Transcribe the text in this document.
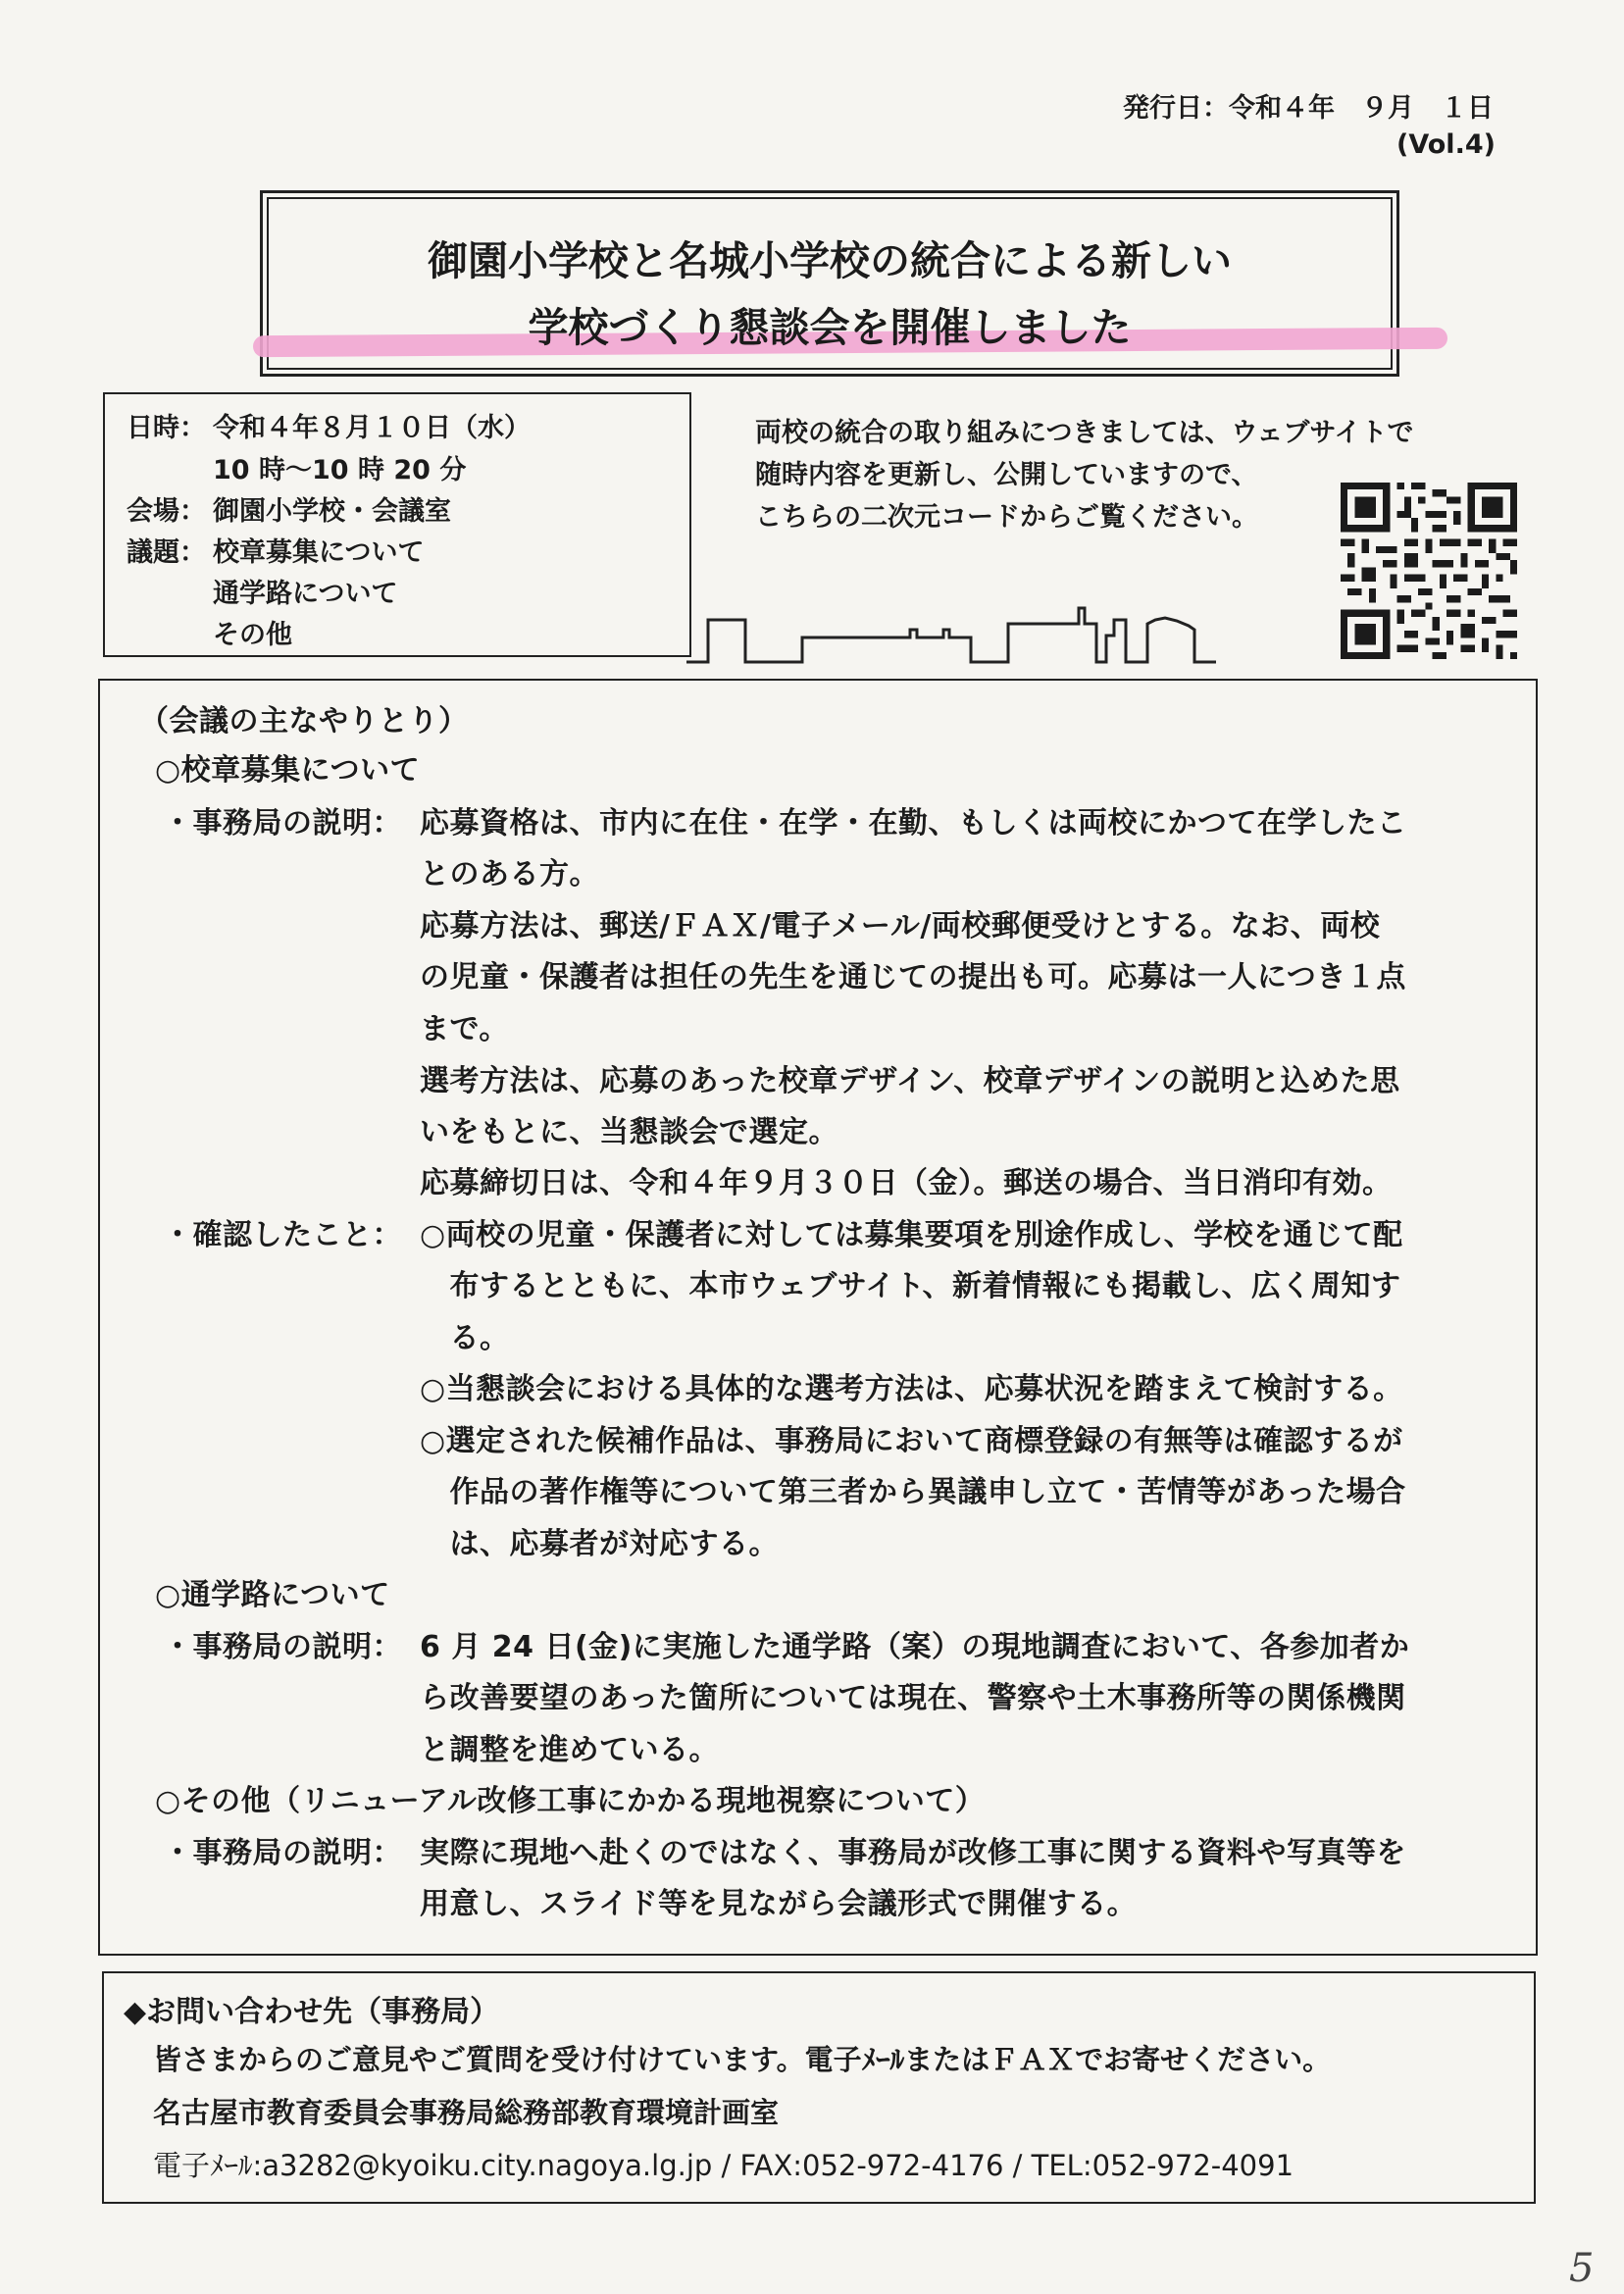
発行日：令和４年　９月　１日
(Vol.4)
御園小学校と名城小学校の統合による新しい
学校づくり懇談会を開催しました
日時： 令和４年８月１０日（水）
10 時～10 時 20 分
会場： 御園小学校・会議室
議題： 校章募集について
通学路について
その他
両校の統合の取り組みにつきましては、ウェブサイトで
随時内容を更新し、公開していますので、
こちらの二次元コードからご覧ください。
（会議の主なやりとり）
○校章募集について
・事務局の説明： 応募資格は、市内に在住・在学・在勤、もしくは両校にかつて在学したこ
とのある方。
応募方法は、郵送/ＦＡＸ/電子メール/両校郵便受けとする。なお、両校
の児童・保護者は担任の先生を通じての提出も可。応募は一人につき１点
まで。
選考方法は、応募のあった校章デザイン、校章デザインの説明と込めた思
いをもとに、当懇談会で選定。
応募締切日は、令和４年９月３０日（金）。郵送の場合、当日消印有効。
・確認したこと： ○両校の児童・保護者に対しては募集要項を別途作成し、学校を通じて配
　布するとともに、本市ウェブサイト、新着情報にも掲載し、広く周知す
　る。
○当懇談会における具体的な選考方法は、応募状況を踏まえて検討する。
○選定された候補作品は、事務局において商標登録の有無等は確認するが
　作品の著作権等について第三者から異議申し立て・苦情等があった場合
　は、応募者が対応する。
○通学路について
・事務局の説明： 6 月 24 日(金)に実施した通学路（案）の現地調査において、各参加者か
ら改善要望のあった箇所については現在、警察や土木事務所等の関係機関
と調整を進めている。
○その他（リニューアル改修工事にかかる現地視察について）
・事務局の説明： 実際に現地へ赴くのではなく、事務局が改修工事に関する資料や写真等を
用意し、スライド等を見ながら会議形式で開催する。
◆お問い合わせ先（事務局）
皆さまからのご意見やご質問を受け付けています。電子ﾒｰﾙまたはＦＡＸでお寄せください。
名古屋市教育委員会事務局総務部教育環境計画室
電子ﾒｰﾙ:a3282@kyoiku.city.nagoya.lg.jp / FAX:052-972-4176 / TEL:052-972-4091
5
